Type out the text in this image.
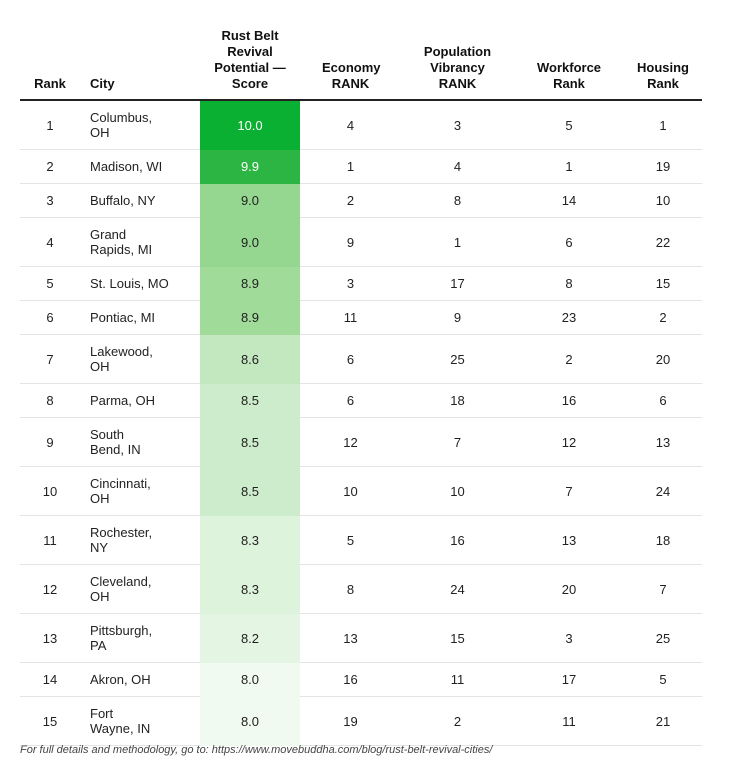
Rank	City	Rust Belt Revival Potential — Score	Economy RANK	Population Vibrancy RANK	Workforce Rank	Housing Rank
1	Columbus, OH	10.0	4	3	5	1
2	Madison, WI	9.9	1	4	1	19
3	Buffalo, NY	9.0	2	8	14	10
4	Grand Rapids, MI	9.0	9	1	6	22
5	St. Louis, MO	8.9	3	17	8	15
6	Pontiac, MI	8.9	11	9	23	2
7	Lakewood, OH	8.6	6	25	2	20
8	Parma, OH	8.5	6	18	16	6
9	South Bend, IN	8.5	12	7	12	13
10	Cincinnati, OH	8.5	10	10	7	24
11	Rochester, NY	8.3	5	16	13	18
12	Cleveland, OH	8.3	8	24	20	7
13	Pittsburgh, PA	8.2	13	15	3	25
14	Akron, OH	8.0	16	11	17	5
15	Fort Wayne, IN	8.0	19	2	11	21
For full details and methodology, go to: https://www.movebuddha.com/blog/rust-belt-revival-cities/
